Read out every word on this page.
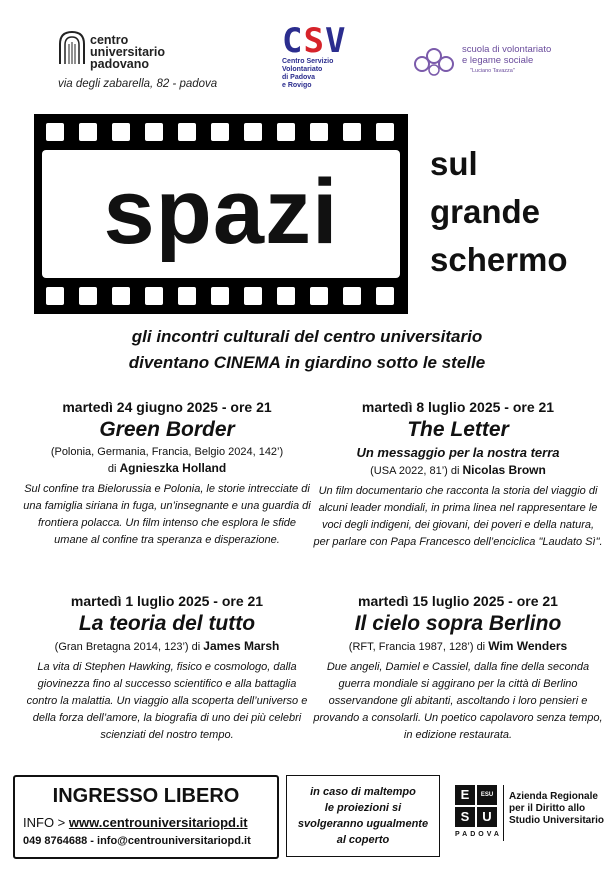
centro
universitario
padovano
via degli zabarella, 82 - padova
CSV
Centro Servizio
Volontariato
di Padova
e Rovigo
scuola di volontariato
e legame sociale
"Luciano Tavazza"
spazi	sul
grande
schermo
gli incontri culturali del centro universitario
diventano CINEMA in giardino sotto le stelle
martedì 24 giugno 2025 - ore 21
Green Border
(Polonia, Germania, Francia, Belgio 2024, 142’)
di Agnieszka Holland
Sul confine tra Bielorussia e Polonia, le storie intrecciate di una famiglia siriana in fuga, un’insegnante e una guardia di frontiera polacca. Un film intenso che esplora le sfide umane al confine tra speranza e disperazione.
martedì 8 luglio 2025 - ore 21
The Letter
Un messaggio per la nostra terra
(USA 2022, 81’) di Nicolas Brown
Un film documentario che racconta la storia del viaggio di alcuni leader mondiali, in prima linea nel rappresentare le voci degli indigeni, dei giovani, dei poveri e della natura, per parlare con Papa Francesco dell’enciclica "Laudato Sì".
martedì 1 luglio 2025 - ore 21
La teoria del tutto
(Gran Bretagna 2014, 123’) di James Marsh
La vita di Stephen Hawking, fisico e cosmologo, dalla giovinezza fino al successo scientifico e alla battaglia contro la malattia. Un viaggio alla scoperta dell’universo e della forza dell’amore, la biografia di uno dei più celebri scienziati del nostro tempo.
martedì 15 luglio 2025 - ore 21
Il cielo sopra Berlino
(RFT, Francia 1987, 128’) di Wim Wenders
Due angeli, Damiel e Cassiel, dalla fine della seconda guerra mondiale si aggirano per la città di Berlino osservandone gli abitanti, ascoltando i loro pensieri e provando a consolarli. Un poetico capolavoro senza tempo, in edizione restaurata.
INGRESSO LIBERO
INFO > www.centrouniversitariopd.it
049 8764688 - info@centrouniversitariopd.it
in caso di maltempo
le proiezioni si
svolgeranno ugualmente
al coperto
E	ESU
S U
PADOVA
Azienda Regionale
per il Diritto allo
Studio Universitario
